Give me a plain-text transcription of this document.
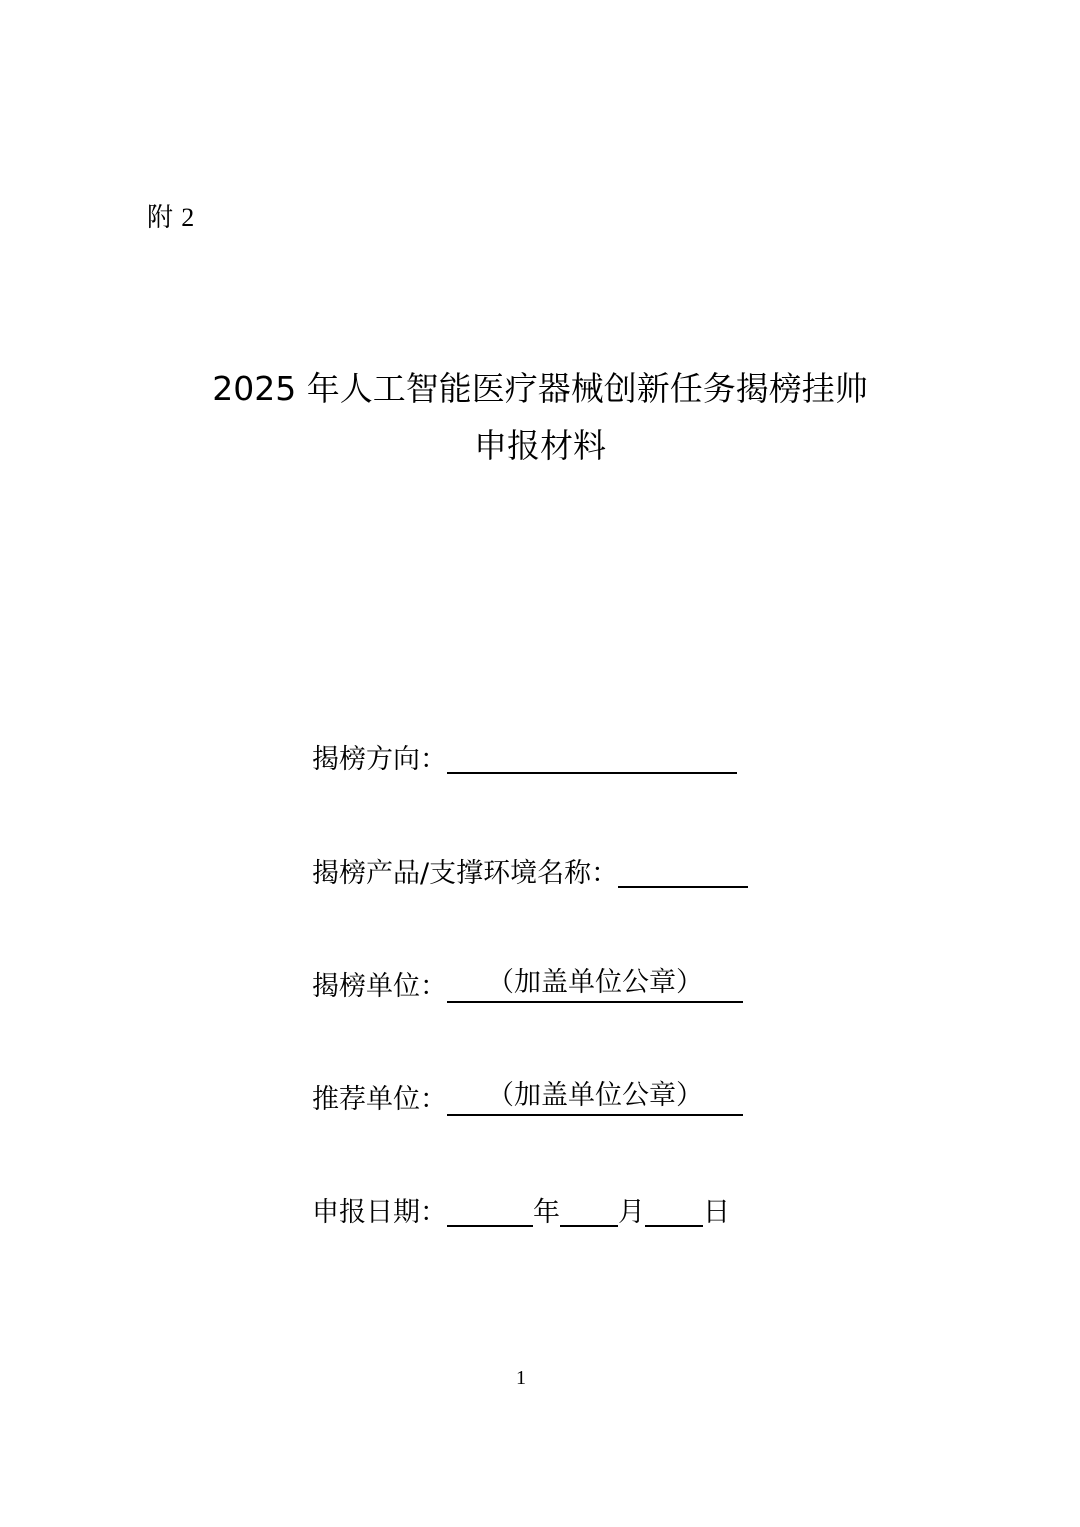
附 2
2025 年人工智能医疗器械创新任务揭榜挂帅
申报材料
揭榜方向：
揭榜产品/支撑环境名称：
揭榜单位：	（加盖单位公章）
推荐单位：	（加盖单位公章）
申报日期：	年 月 日
1
